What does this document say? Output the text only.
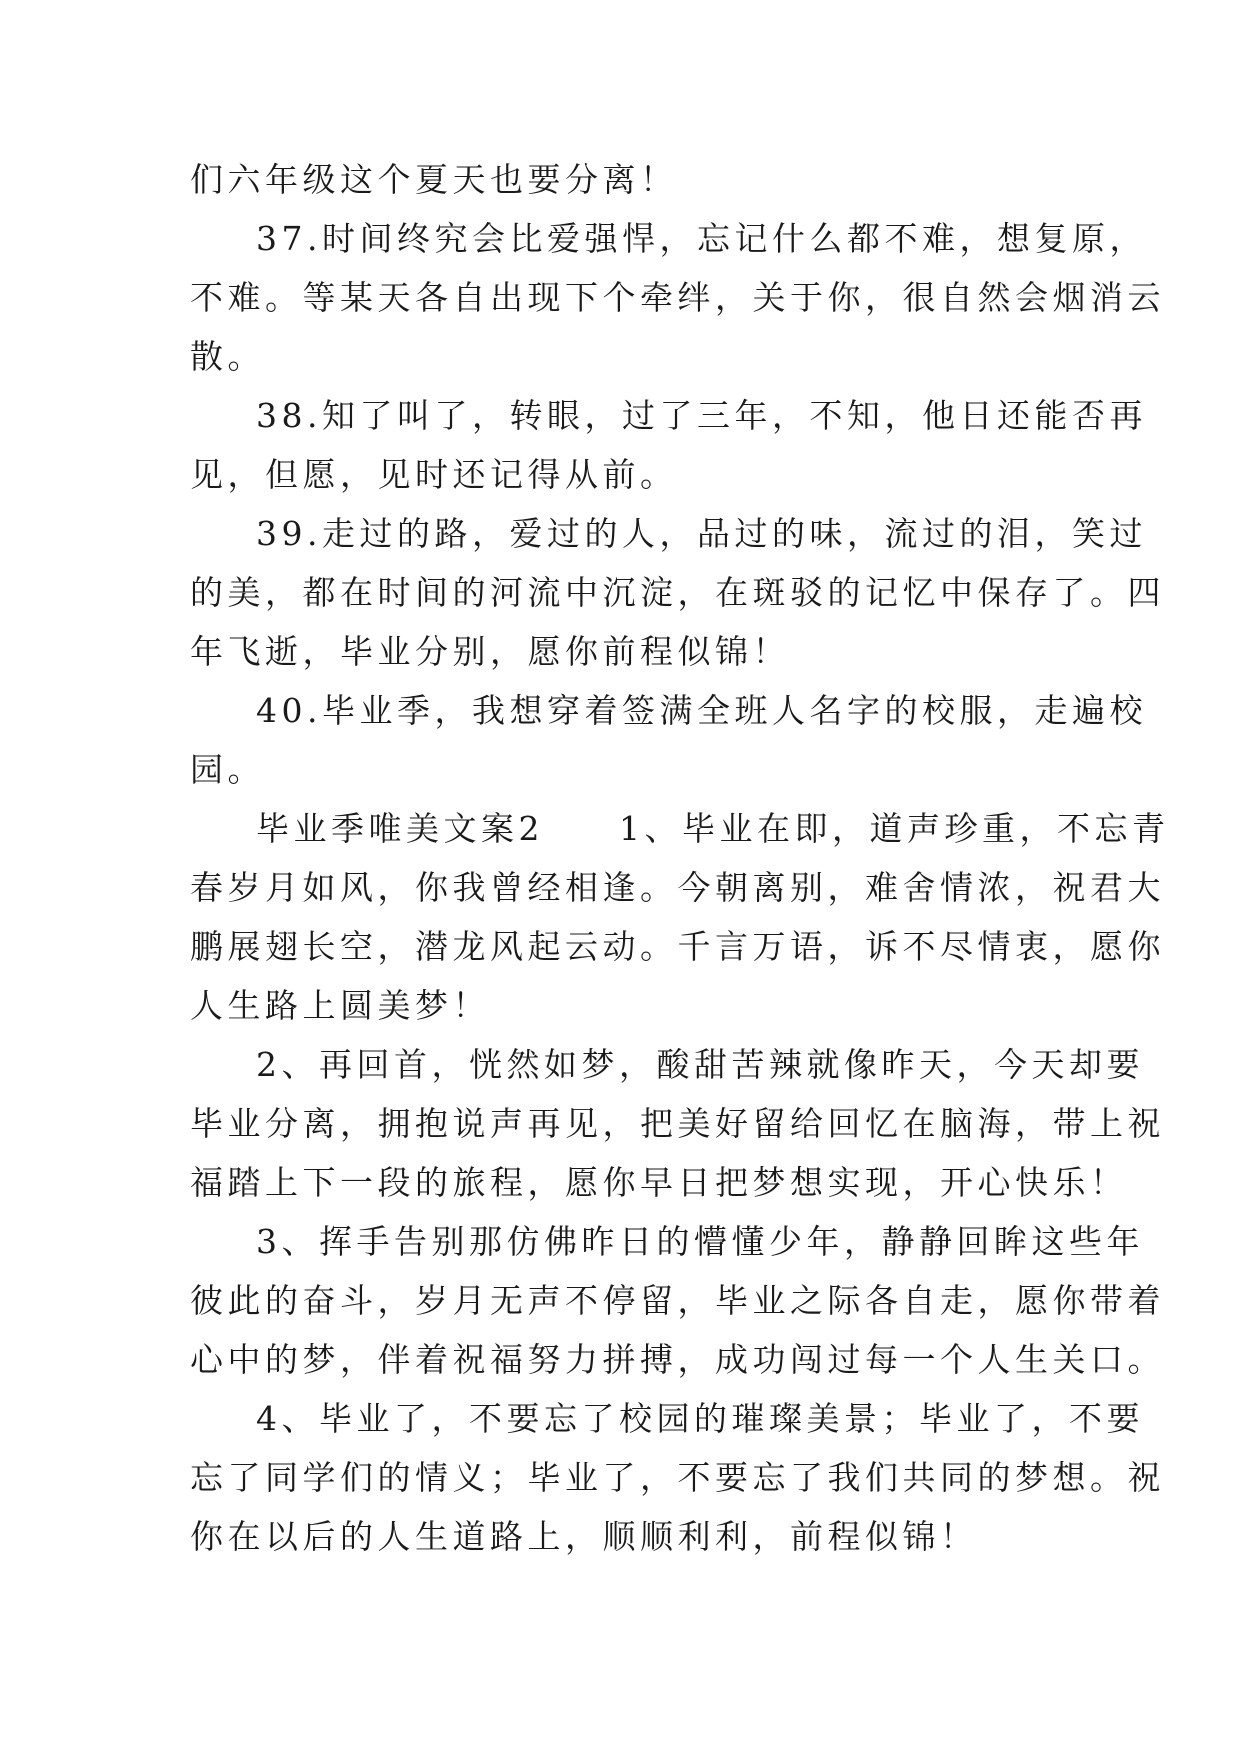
们六年级这个夏天也要分离！
37.时间终究会比爱强悍，忘记什么都不难，想复原，
不难。等某天各自出现下个牵绊，关于你，很自然会烟消云
散。
38.知了叫了，转眼，过了三年，不知，他日还能否再
见，但愿，见时还记得从前。
39.走过的路，爱过的人，品过的味，流过的泪，笑过
的美，都在时间的河流中沉淀，在斑驳的记忆中保存了。四
年飞逝，毕业分别，愿你前程似锦！
40.毕业季，我想穿着签满全班人名字的校服，走遍校
园。
毕业季唯美文案2　　1、毕业在即，道声珍重，不忘青
春岁月如风，你我曾经相逢。今朝离别，难舍情浓，祝君大
鹏展翅长空，潜龙风起云动。千言万语，诉不尽情衷，愿你
人生路上圆美梦！
2、再回首，恍然如梦，酸甜苦辣就像昨天，今天却要
毕业分离，拥抱说声再见，把美好留给回忆在脑海，带上祝
福踏上下一段的旅程，愿你早日把梦想实现，开心快乐！
3、挥手告别那仿佛昨日的懵懂少年，静静回眸这些年
彼此的奋斗，岁月无声不停留，毕业之际各自走，愿你带着
心中的梦，伴着祝福努力拼搏，成功闯过每一个人生关口。
4、毕业了，不要忘了校园的璀璨美景；毕业了，不要
忘了同学们的情义；毕业了，不要忘了我们共同的梦想。祝
你在以后的人生道路上，顺顺利利，前程似锦！
